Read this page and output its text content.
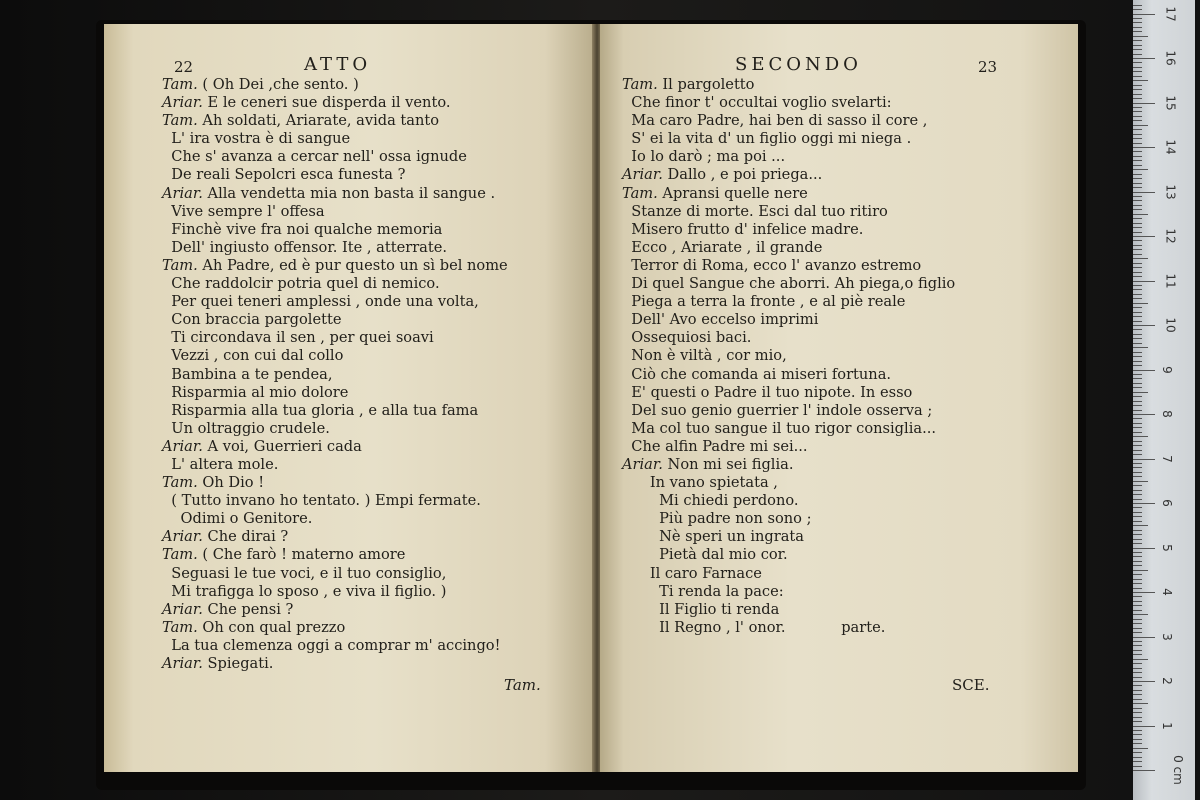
22	ATTO
Tam. ( Oh Dei ,che sento. )
Ariar. E le ceneri sue disperda il vento.
Tam. Ah soldati, Ariarate, avida tanto
L' ira vostra è di sangue
Che s' avanza a cercar nell' ossa ignude
De reali Sepolcri esca funesta ?
Ariar. Alla vendetta mia non basta il sangue .
Vive sempre l' offesa
Finchè vive fra noi qualche memoria
Dell' ingiusto offensor. Ite , atterrate.
Tam. Ah Padre, ed è pur questo un sì bel nome
Che raddolcir potria quel di nemico.
Per quei teneri amplessi , onde una volta,
Con braccia pargolette
Ti circondava il sen , per quei soavi
Vezzi , con cui dal collo
Bambina a te pendea,
Risparmia al mio dolore
Risparmia alla tua gloria , e alla tua fama
Un oltraggio crudele.
Ariar. A voi, Guerrieri cada
L' altera mole.
Tam. Oh Dio !
( Tutto invano ho tentato. ) Empi fermate.
Odimi o Genitore.
Ariar. Che dirai ?
Tam. ( Che farò ! materno amore
Seguasi le tue voci, e il tuo consiglio,
Mi trafigga lo sposo , e viva il figlio. )
Ariar. Che pensi ?
Tam. Oh con qual prezzo
La tua clemenza oggi a comprar m' accingo!
Ariar. Spiegati.
Tam.
SECONDO	23
Tam. Il pargoletto
Che finor t' occultai voglio svelarti:
Ma caro Padre, hai ben di sasso il core ,
S' ei la vita d' un figlio oggi mi niega .
Io lo darò ; ma poi ...
Ariar. Dallo , e poi priega...
Tam. Apransi quelle nere
Stanze di morte. Esci dal tuo ritiro
Misero frutto d' infelice madre.
Ecco , Ariarate , il grande
Terror di Roma, ecco l' avanzo estremo
Di quel Sangue che aborri. Ah piega,o figlio
Piega a terra la fronte , e al piè reale
Dell' Avo eccelso imprimi
Ossequiosi baci.
Non è viltà , cor mio,
Ciò che comanda ai miseri fortuna.
E' questi o Padre il tuo nipote. In esso
Del suo genio guerrier l' indole osserva ;
Ma col tuo sangue il tuo rigor consiglia...
Che alfin Padre mi sei...
Ariar. Non mi sei figlia.
In vano spietata ,
Mi chiedi perdono.
Più padre non sono ;
Nè speri un ingrata
Pietà dal mio cor.
Il caro Farnace
Ti renda la pace:
Il Figlio ti renda
Il Regno , l' onor.            parte.
SCE.
0 cm
1
2
3
4
5
6
7
8
9
10
11
12
13
14
15
16
17
